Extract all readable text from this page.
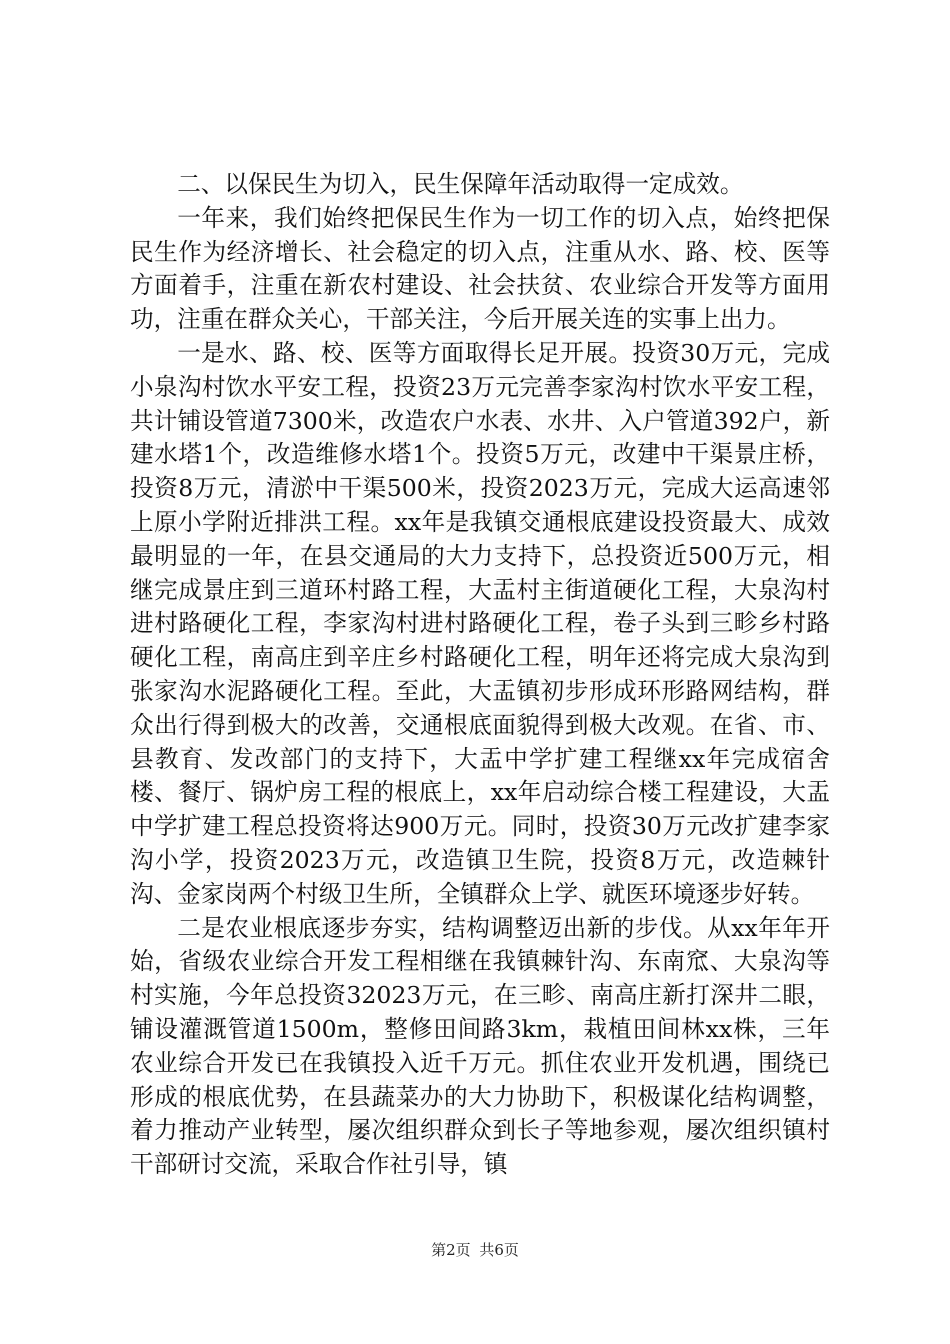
二、以保民生为切入，民生保障年活动取得一定成效。

一年来，我们始终把保民生作为一切工作的切入点，始终把保民生作为经济增长、社会稳定的切入点，注重从水、路、校、医等方面着手，注重在新农村建设、社会扶贫、农业综合开发等方面用功，注重在群众关心，干部关注，今后开展关连的实事上出力。

一是水、路、校、医等方面取得长足开展。投资30万元，完成小泉沟村饮水平安工程，投资23万元完善李家沟村饮水平安工程，共计铺设管道7300米，改造农户水表、水井、入户管道392户，新建水塔1个，改造维修水塔1个。投资5万元，改建中干渠景庄桥，投资8万元，清淤中干渠500米，投资2023万元，完成大运高速邻上原小学附近排洪工程。xx年是我镇交通根底建设投资最大、成效最明显的一年，在县交通局的大力支持下，总投资近500万元，相继完成景庄到三道环村路工程，大盂村主街道硬化工程，大泉沟村进村路硬化工程，李家沟村进村路硬化工程，卷子头到三畛乡村路硬化工程，南高庄到辛庄乡村路硬化工程，明年还将完成大泉沟到张家沟水泥路硬化工程。至此，大盂镇初步形成环形路网结构，群众出行得到极大的改善，交通根底面貌得到极大改观。在省、市、县教育、发改部门的支持下，大盂中学扩建工程继xx年完成宿舍楼、餐厅、锅炉房工程的根底上，xx年启动综合楼工程建设，大盂中学扩建工程总投资将达900万元。同时，投资30万元改扩建李家沟小学，投资2023万元，改造镇卫生院，投资8万元，改造棘针沟、金家岗两个村级卫生所，全镇群众上学、就医环境逐步好转。

二是农业根底逐步夯实，结构调整迈出新的步伐。从xx年年开始，省级农业综合开发工程相继在我镇棘针沟、东南窊、大泉沟等村实施，今年总投资32023万元，在三畛、南高庄新打深井二眼，铺设灌溉管道1500m，整修田间路3km，栽植田间林xx株，三年农业综合开发已在我镇投入近千万元。抓住农业开发机遇，围绕已形成的根底优势，在县蔬菜办的大力协助下，积极谋化结构调整，着力推动产业转型，屡次组织群众到长子等地参观，屡次组织镇村干部研讨交流，采取合作社引导，镇

第2页 共6页
